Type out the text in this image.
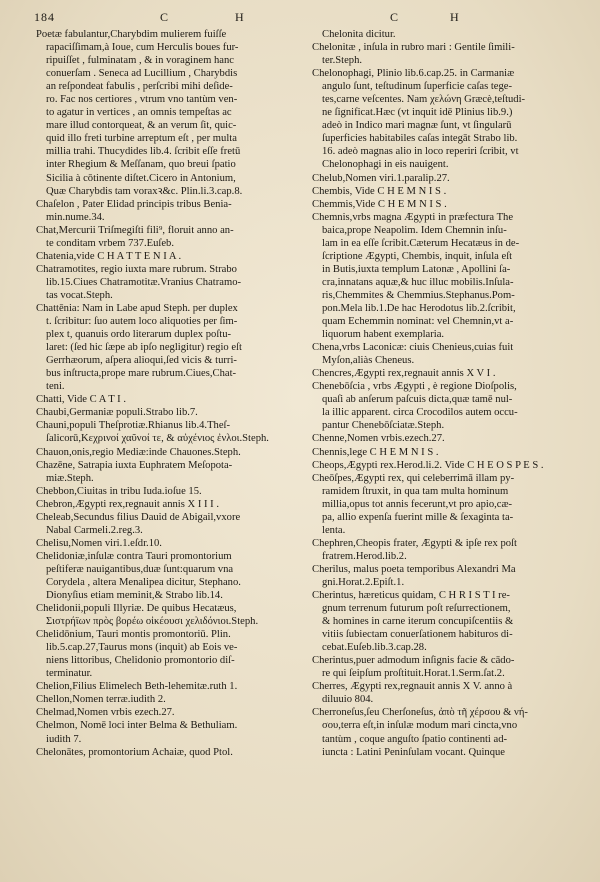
184	C	H	C	H

Poetæ fabulantur,Charybdim mulierem fuiſſe

rapaciſſimam,à Ioue, cum Herculis boues fur-

ripuiſſet , fulminatam , & in voraginem hanc

conuerſam . Seneca ad Lucillium , Charybdis

an reſpondeat fabulis , perſcribi mihi deſide-

ro. Fac nos certiores , vtrum vno tantùm ven-

to agatur in vertices , an omnis tempeſtas ac

mare illud contorqueat, & an verum ſit, quic-

quid illo freti turbine arreptum eſt , per multa

millia trahi. Thucydides lib.4. ſcribit eſſe fretū

inter Rhegium & Meſſanam, quo breui ſpatio

Sicilia à cōtinente diſtet.Cicero in Antonium,

Quæ Charybdis tam voraxꝛ&c. Plin.li.3.cap.8.

Chaſelon , Pater Elidad principis tribus Benia-

min.nume.34.

Chat,Mercurii Triſmegiſti fili⁹, floruit anno an-

te conditam vrbem 737.Euſeb.

Chatenia,vide C H A T T E N I A .

Chatramotites, regio iuxta mare rubrum. Strabo

lib.15.Ciues Chatramotitæ.Vranius Chatramo-

tas vocat.Steph.

Chattēnia: Nam in Labe apud Steph. per duplex

t. ſcribitur: ſuo autem loco aliquoties per ſim-

plex t, quanuis ordo literarum duplex poſtu-

laret: (ſed hic ſæpe ab ipſo negligitur) regio eſt

Gerrhæorum, aſpera alioqui,ſed vicis & turri-

bus inſtructa,prope mare rubrum.Ciues,Chat-

teni.

Chatti, Vide C A T I .

Chaubi,Germaniæ populi.Strabo lib.7.

Chauni,populi Theſprotiæ.Rhianus lib.4.Theſ-

ſalicorū,Κεχρινοί χαῦνοί τε, & αὐχένιος ἐνλοι.Steph.

Chauon,onis,regio Mediæ:inde Chauones.Steph.

Chazēne, Satrapia iuxta Euphratem Meſopota-

miæ.Steph.

Chebbon,Ciuitas in tribu Iuda.ioſue 15.

Chebron,Ægypti rex,regnauit annis X I I I .

Cheleab,Secundus filius Dauid de Abigail,vxore

Nabal Carmeli.2.reg.3.

Chelisu,Nomen viri.1.eſdr.10.

Chelidoniæ,inſulæ contra Tauri promontorium

peſtiferæ nauigantibus,duæ ſunt:quarum vna

Corydela , altera Menalipea dicitur, Stephano.

Dionyſius etiam meminit,& Strabo lib.14.

Chelidonii,populi Illyriæ. De quibus Hecatæus,

Σιστρήϊων πρὸς βορέω οἰκέουσι χελιδόνιοι.Steph.

Chelidōnium, Tauri montis promontoriū. Plin.

lib.5.cap.27,Taurus mons (inquit) ab Eois ve-

niens littoribus, Chelidonio promontorio diſ-

terminatur.

Chelion,Filius Elimelech Beth-lehemitæ.ruth 1.

Chellon,Nomen terræ.iudith 2.

Chelmad,Nomen vrbis ezech.27.

Chelmon, Nomē loci inter Belma & Bethuliam.

iudith 7.

Chelonātes, promontorium Achaiæ, quod Ptol.

Chelonita dicitur.

Chelonitæ , inſula in rubro mari : Gentile ſimili-

ter.Steph.

Chelonophagi, Plinio lib.6.cap.25. in Carmaniæ

angulo ſunt, teſtudinum ſuperficie caſas tege-

tes,carne veſcentes. Nam χελώνη Græcè,teſtudi-

ne ſignificat.Hæc (vt inquit idē Plinius lib.9.)

adeò in Indico mari magnæ ſunt, vt ſingularū

ſuperficies habitabiles caſas integāt Strabo lib.

16. adeò magnas alio in loco reperiri ſcribit, vt

Chelonophagi in eis nauigent.

Chelub,Nomen viri.1.paralip.27.

Chembis, Vide C H E M N I S .

Chemmis,Vide C H E M N I S .

Chemnis,vrbs magna Ægypti in præfectura The

baica,prope Neapolim. Idem Chemnin inſu-

lam in ea eſſe ſcribit.Cæterum Hecatæus in de-

ſcriptione Ægypti, Chembis, inquit, inſula eſt

in Butis,iuxta templum Latonæ , Apollini ſa-

cra,innatans aquæ,& huc illuc mobilis.Inſula-

ris,Chemmites & Chemmius.Stephanus.Pom-

pon.Mela lib.1.De hac Herodotus lib.2.ſcribit,

quam Echemmin nominat: vel Chemnin,vt a-

liquorum habent exemplaria.

Chena,vrbs Laconicæ: ciuis Chenieus,cuias fuit

Myſon,aliàs Cheneus.

Chencres,Ægypti rex,regnauit annis X V I .

Chenebōſcia , vrbs Ægypti , è regione Dioſpolis,

quaſi ab anſerum paſcuis dicta,quæ tamē nul-

la illic apparent. circa Crocodilos autem occu-

pantur Chenebōſciatæ.Steph.

Chenne,Nomen vrbis.ezech.27.

Chennis,lege C H E M N I S .

Cheops,Ægypti rex.Herod.li.2. Vide C H E O S P E S .

Cheōſpes,Ægypti rex, qui celeberrimā illam py-

ramidem ſtruxit, in qua tam multa hominum

millia,opus tot annis fecerunt,vt pro apio,cæ-

pa, allio expenſa fuerint mille & ſexaginta ta-

lenta.

Chephren,Cheopis frater, Ægypti & ipſe rex poſt

fratrem.Herod.lib.2.

Cherilus, malus poeta temporibus Alexandri Ma

gni.Horat.2.Epiſt.1.

Cherintus, hæreticus quidam, C H R I S T I re-

gnum terrenum futurum poſt reſurrectionem,

& homines in carne iterum concupiſcentiis &

vitiis ſubiectam conuerſationem habituros di-

cebat.Euſeb.lib.3.cap.28.

Cherintus,puer admodum inſignis facie & cādo-

re qui ſeipſum proſtituit.Horat.1.Serm.ſat.2.

Cherres, Ægypti rex,regnauit annis X V. anno à

diluuio 804.

Cherroneſus,ſeu Cherſoneſus, ἀπὸ τῆ χέρσου & νή-

σου,terra eſt,in inſulæ modum mari cincta,vno

tantùm , coque anguſto ſpatio continenti ad-

iuncta : Latini Peninſulam vocant. Quinque
